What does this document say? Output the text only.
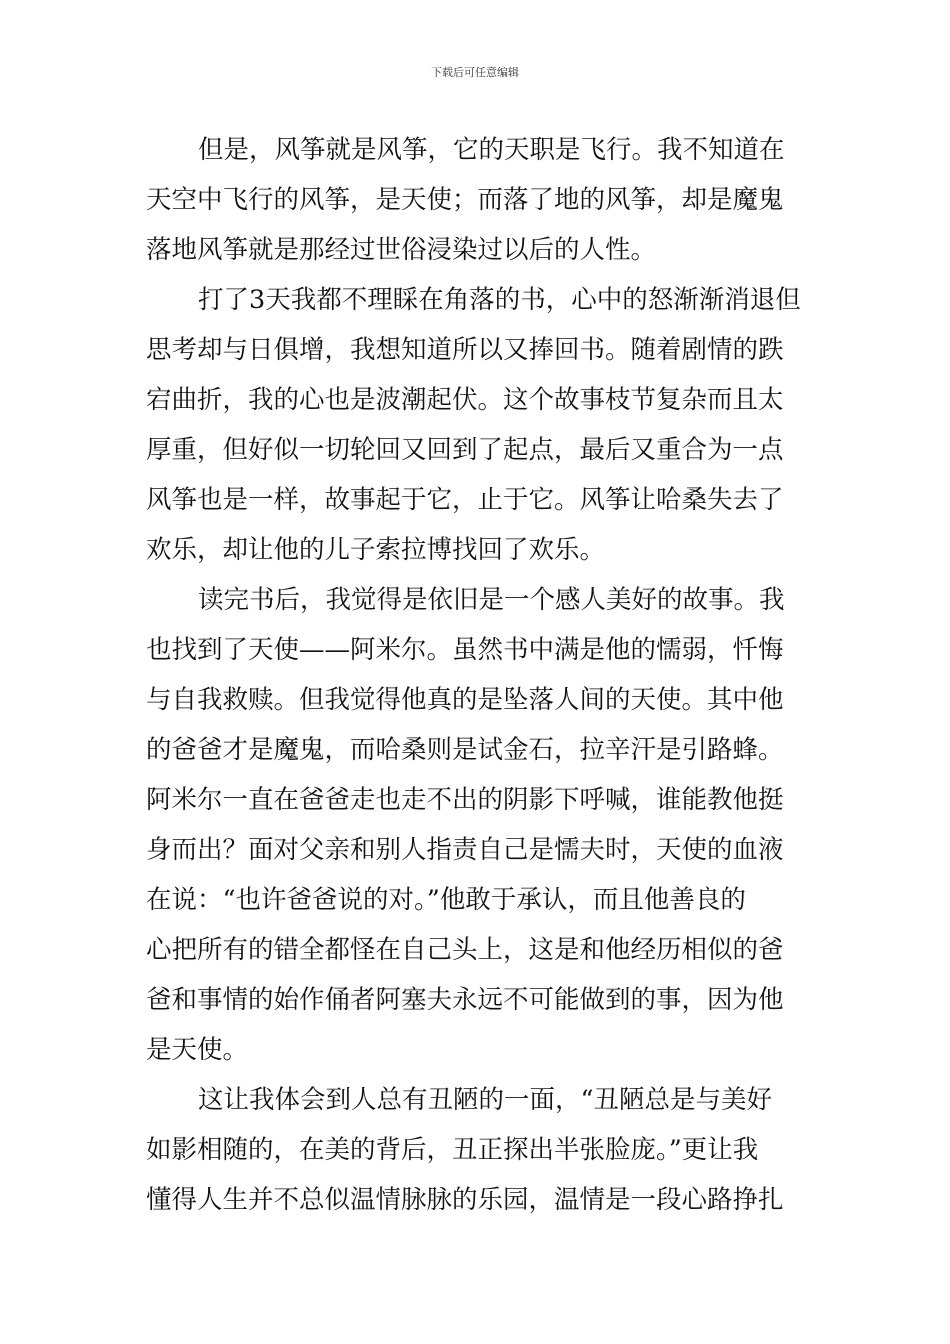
下载后可任意编辑
但是，风筝就是风筝，它的天职是飞行。我不知道在
天空中飞行的风筝，是天使；而落了地的风筝，却是魔鬼
落地风筝就是那经过世俗浸染过以后的人性。
打了3天我都不理睬在角落的书，心中的怒渐渐消退但
思考却与日俱增，我想知道所以又捧回书。随着剧情的跌
宕曲折，我的心也是波潮起伏。这个故事枝节复杂而且太
厚重，但好似一切轮回又回到了起点，最后又重合为一点
风筝也是一样，故事起于它，止于它。风筝让哈桑失去了
欢乐，却让他的儿子索拉博找回了欢乐。
读完书后，我觉得是依旧是一个感人美好的故事。我
也找到了天使——阿米尔。虽然书中满是他的懦弱，忏悔
与自我救赎。但我觉得他真的是坠落人间的天使。其中他
的爸爸才是魔鬼，而哈桑则是试金石，拉辛汗是引路蜂。
阿米尔一直在爸爸走也走不出的阴影下呼喊，谁能教他挺
身而出？面对父亲和别人指责自己是懦夫时，天使的血液
在说：“也许爸爸说的对。”他敢于承认，而且他善良的
心把所有的错全都怪在自己头上，这是和他经历相似的爸
爸和事情的始作俑者阿塞夫永远不可能做到的事，因为他
是天使。
这让我体会到人总有丑陋的一面，“丑陋总是与美好
如影相随的，在美的背后，丑正探出半张脸庞。”更让我
懂得人生并不总似温情脉脉的乐园，温情是一段心路挣扎
